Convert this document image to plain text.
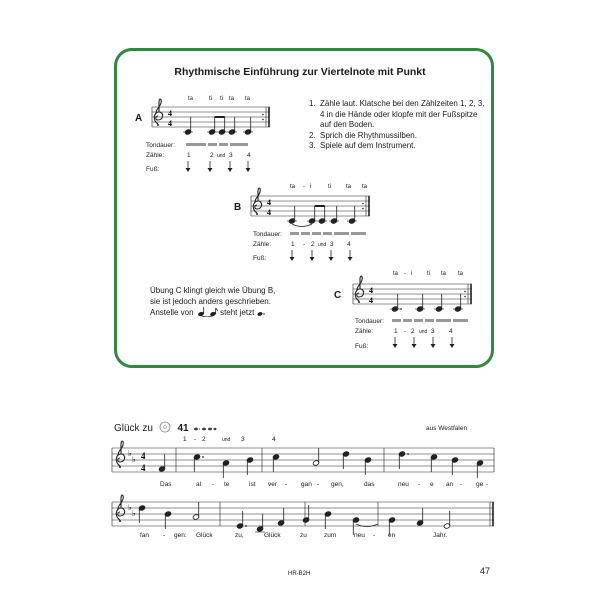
Rhythmische Einführung zur Viertelnote mit Punkt
A
ta	ti ti ta ta
Tondauer:
Zähle:	1	2 und 3 4
Fuß:
1. Zähle laut. Klatsche bei den Zählzeiten 1, 2, 3, 4 in die Hände oder klopfe mit der Fußspitze auf den Boden.
2. Sprich die Rhythmussilben.
3. Spiele auf dem Instrument.
B
ta - i	ti	ta ta
Tondauer:
Zähle:	1 - 2 und 3 4
Fuß:
Übung C klingt gleich wie Übung B,
sie ist jedoch anders geschrieben.
Anstelle von	steht jetzt
C
ta - i ti ta ta
Tondauer:
Zähle:	1 - 2 und 3 4
Fuß:
Glück zu 41	aus Westfalen
1 - 2	und 3	4
Das	al - te	ist ver - gan - gen,	das	neu - e an - ge -
fan - gen: Glück	zu,	Glück	zu	zum	neu - en	Jahr.
HR-B2H	47
4
4
4
4
4
4
♭
♭ 4
4
♭
♭
